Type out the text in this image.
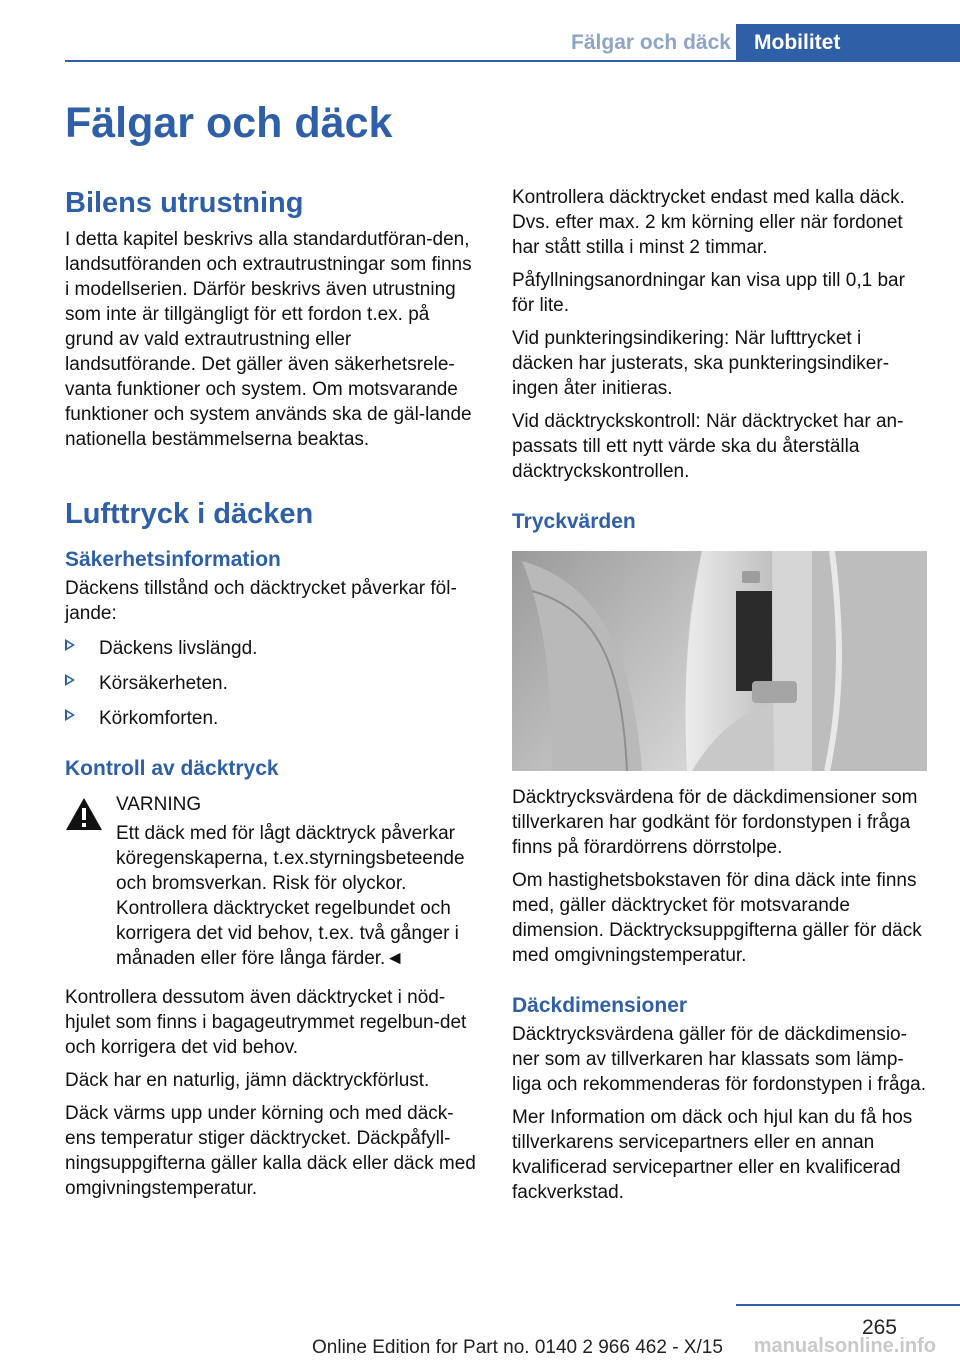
Fälgar och däck	Mobilitet
Fälgar och däck
Bilens utrustning

I detta kapitel beskrivs alla standardutföran-den, landsutföranden och extrautrustningar som finns i modellserien. Därför beskrivs även utrustning som inte är tillgängligt för ett fordon t.ex. på grund av vald extrautrustning eller landsutförande. Det gäller även säkerhetsrele-vanta funktioner och system. Om motsvarande funktioner och system används ska de gäl-lande nationella bestämmelserna beaktas.

Lufttryck i däcken
Säkerhetsinformation

Däckens tillstånd och däcktrycket påverkar föl-jande:

Däckens livslängd.
Körsäkerheten.
Körkomforten.
Kontroll av däcktryck

VARNING

Ett däck med för lågt däcktryck påverkar köregenskaperna, t.ex.styrningsbeteende och bromsverkan. Risk för olyckor. Kontrollera däcktrycket regelbundet och korrigera det vid behov, t.ex. två gånger i månaden eller före långa färder.◄

Kontrollera dessutom även däcktrycket i nöd-hjulet som finns i bagageutrymmet regelbun-det och korrigera det vid behov.

Däck har en naturlig, jämn däcktryckförlust.

Däck värms upp under körning och med däck-ens temperatur stiger däcktrycket. Däckpåfyll-ningsuppgifterna gäller kalla däck eller däck med omgivningstemperatur.

Kontrollera däcktrycket endast med kalla däck. Dvs. efter max. 2 km körning eller när fordonet har stått stilla i minst 2 timmar.

Påfyllningsanordningar kan visa upp till 0,1 bar för lite.

Vid punkteringsindikering: När lufttrycket i däcken har justerats, ska punkteringsindiker-ingen åter initieras.

Vid däcktryckskontroll: När däcktrycket har an-passats till ett nytt värde ska du återställa däcktryckskontrollen.

Tryckvärden

Däcktrycksvärdena för de däckdimensioner som tillverkaren har godkänt för fordonstypen i fråga finns på förardörrens dörrstolpe.

Om hastighetsbokstaven för dina däck inte finns med, gäller däcktrycket för motsvarande dimension. Däcktrycksuppgifterna gäller för däck med omgivningstemperatur.

Däckdimensioner

Däcktrycksvärdena gäller för de däckdimensio-ner som av tillverkaren har klassats som lämp-liga och rekommenderas för fordonstypen i fråga.

Mer Information om däck och hjul kan du få hos tillverkarens servicepartners eller en annan kvalificerad servicepartner eller en kvalificerad fackverkstad.

265
Online Edition for Part no. 0140 2 966 462 - X/15 manualsonline.info
